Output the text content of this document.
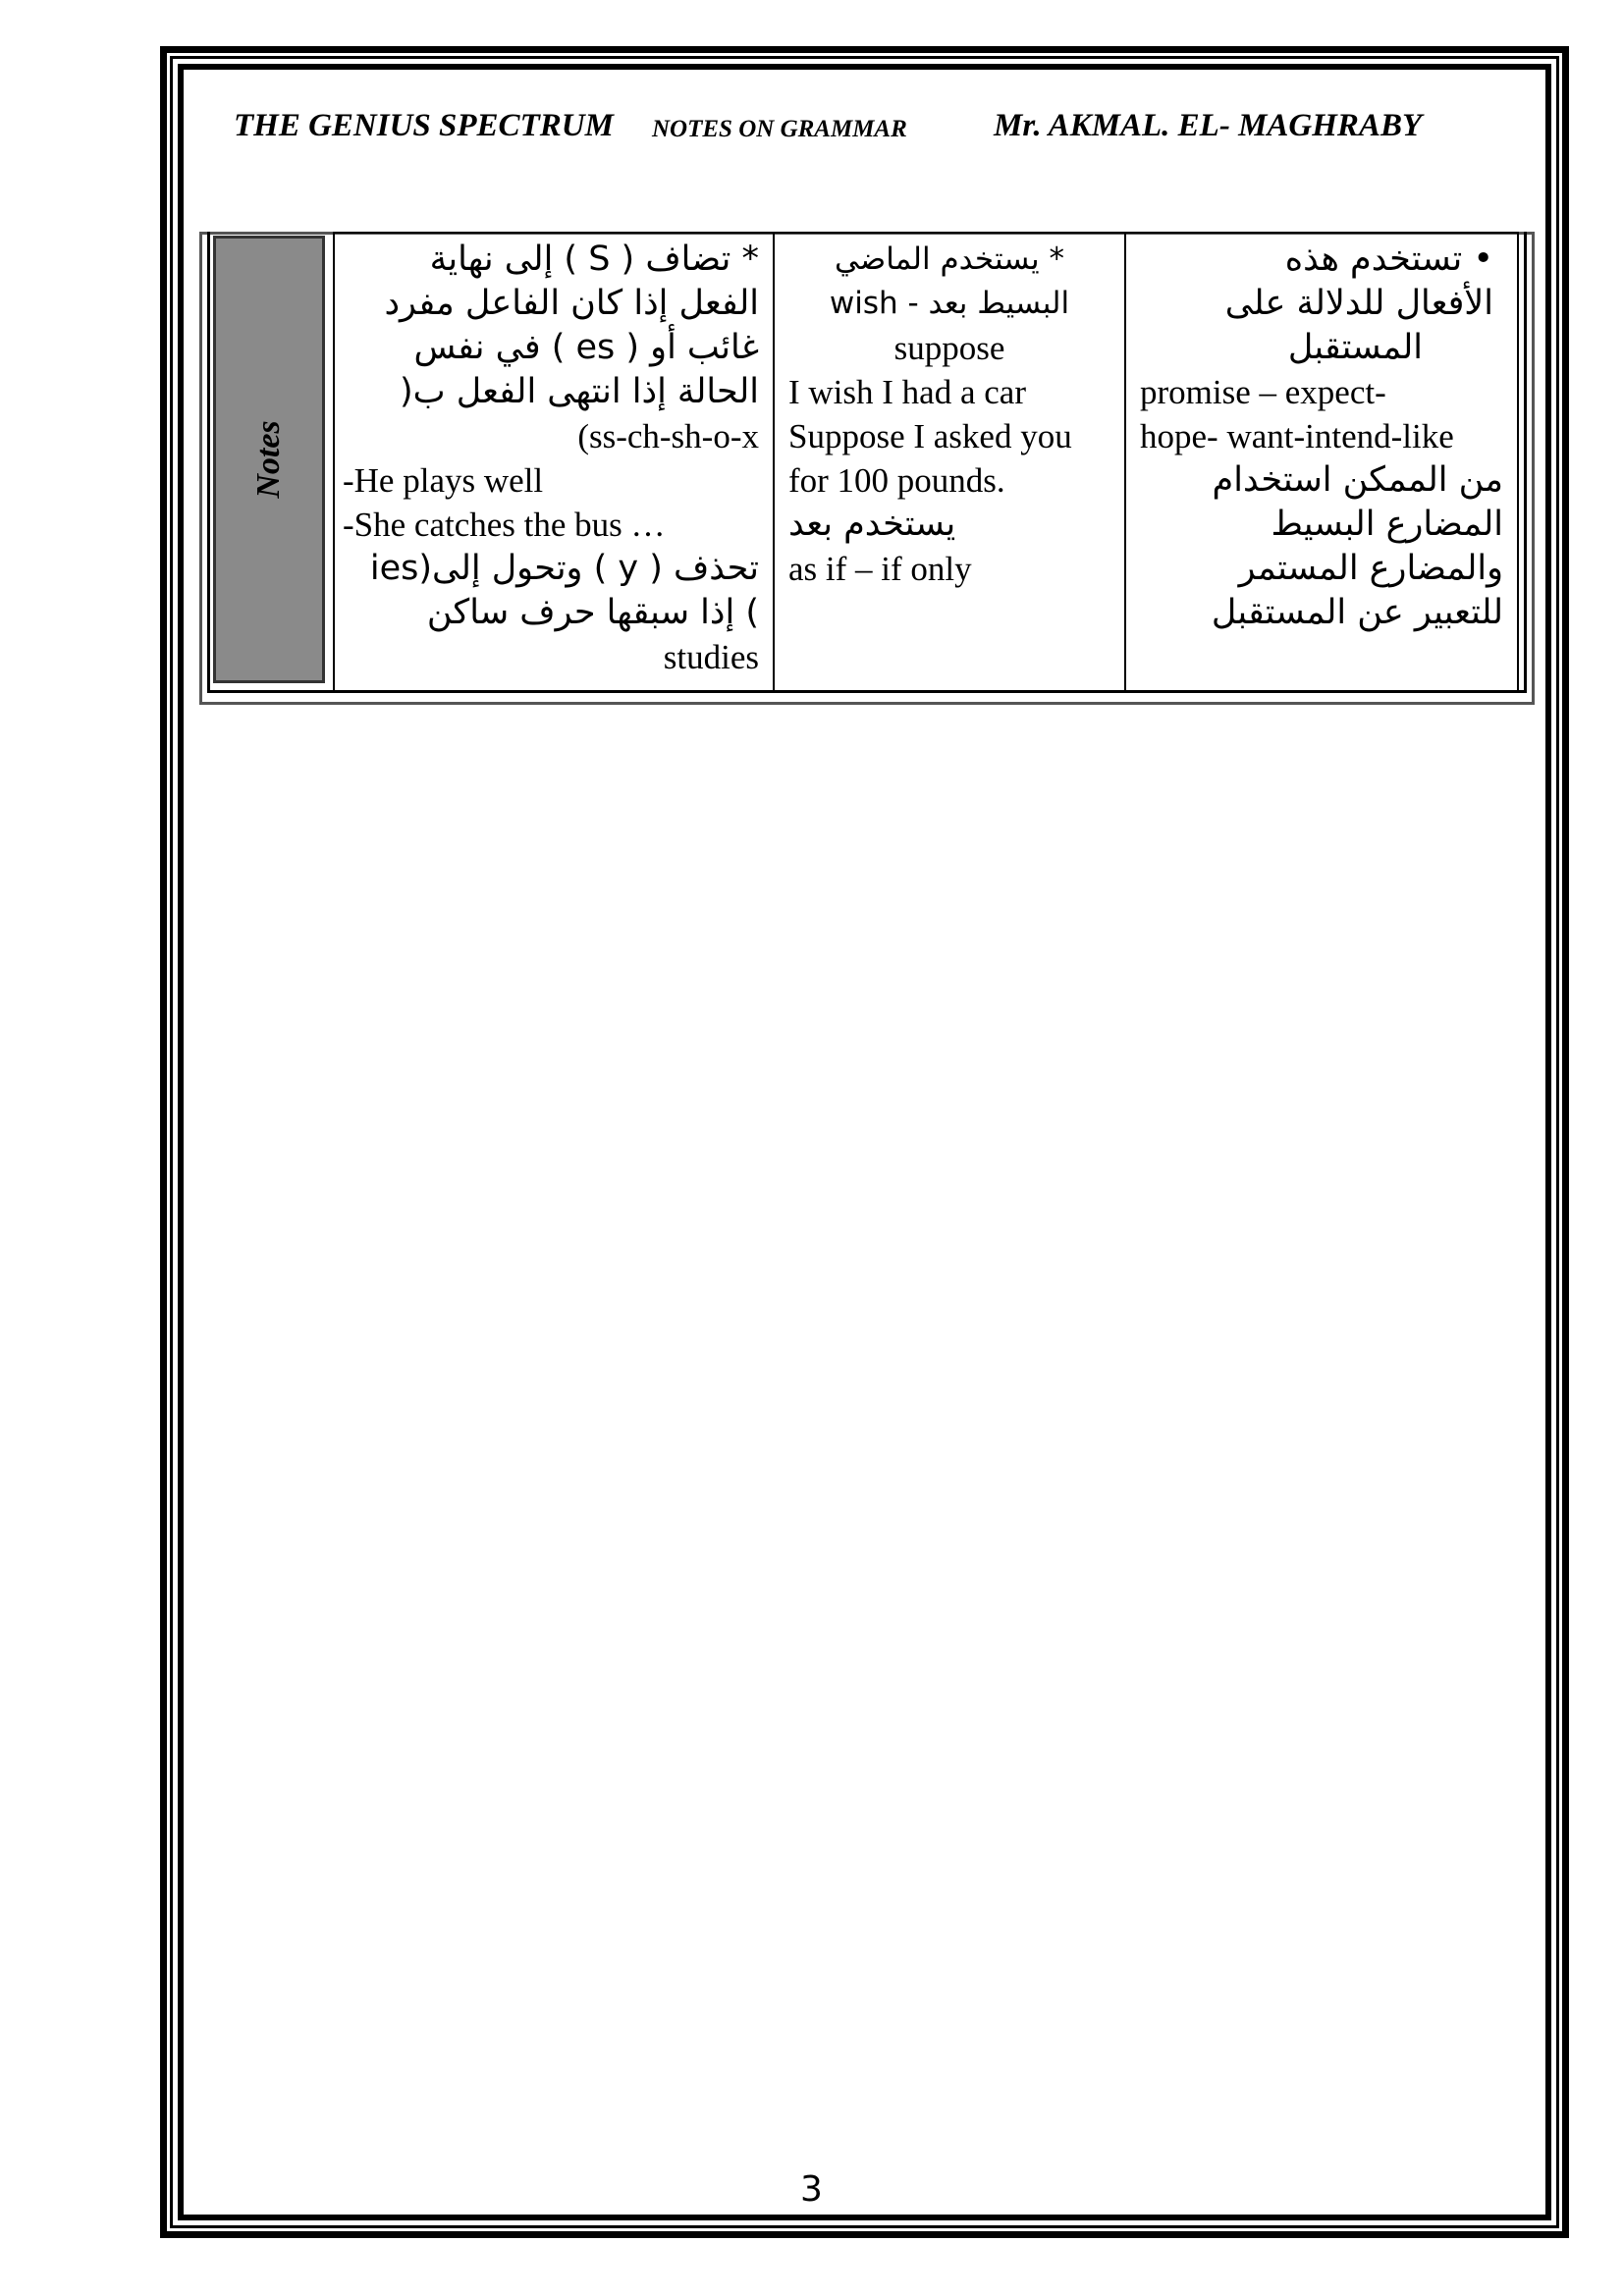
THE GENIUS SPECTRUM NOTES ON GRAMMAR	Mr. AKMAL. EL- MAGHRABY
Notes
* تضاف ( S ) إلى نهاية
الفعل إذا كان الفاعل مفرد
غائب أو ( es ) في نفس
الحالة إذا انتهى الفعل ب(
(ss-ch-sh-o-x
-He plays well
-She catches the bus …
تحذف ( y ) وتحول إلى(ies
) إذا سبقها حرف ساكن
studies
* يستخدم الماضي
البسيط بعد - wish
suppose
I wish I had a car
Suppose I asked you
for 100 pounds.
يستخدم بعد
as if – if only
• تستخدم هذه
الأفعال للدلالة على
المستقبل
promise – expect-
hope- want-intend-like
من الممكن استخدام
المضارع البسيط
والمضارع المستمر
للتعبير عن المستقبل
3
